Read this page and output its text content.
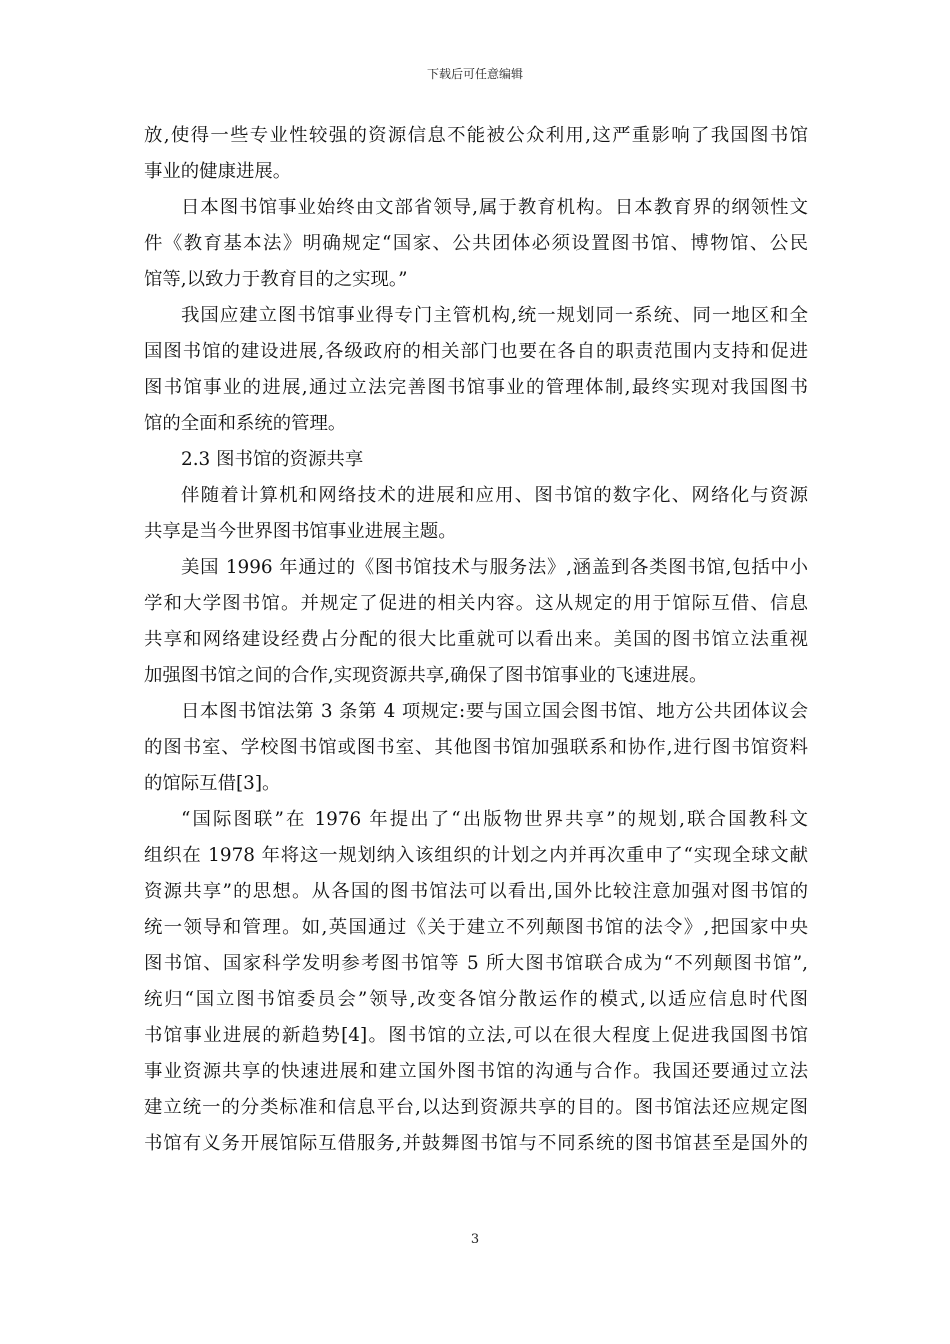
下载后可任意编辑
放,使得一些专业性较强的资源信息不能被公众利用,这严重影响了我国图书馆
事业的健康进展。
日本图书馆事业始终由文部省领导,属于教育机构。日本教育界的纲领性文
件《教育基本法》明确规定“国家、公共团体必须设置图书馆、博物馆、公民
馆等,以致力于教育目的之实现。”
我国应建立图书馆事业得专门主管机构,统一规划同一系统、同一地区和全
国图书馆的建设进展,各级政府的相关部门也要在各自的职责范围内支持和促进
图书馆事业的进展,通过立法完善图书馆事业的管理体制,最终实现对我国图书
馆的全面和系统的管理。
2.3 图书馆的资源共享
伴随着计算机和网络技术的进展和应用、图书馆的数字化、网络化与资源
共享是当今世界图书馆事业进展主题。
美国 1996 年通过的《图书馆技术与服务法》,涵盖到各类图书馆,包括中小
学和大学图书馆。并规定了促进的相关内容。这从规定的用于馆际互借、信息
共享和网络建设经费占分配的很大比重就可以看出来。美国的图书馆立法重视
加强图书馆之间的合作,实现资源共享,确保了图书馆事业的飞速进展。
日本图书馆法第 3 条第 4 项规定:要与国立国会图书馆、地方公共团体议会
的图书室、学校图书馆或图书室、其他图书馆加强联系和协作,进行图书馆资料
的馆际互借[3]。
“国际图联”在 1976 年提出了“出版物世界共享”的规划,联合国教科文
组织在 1978 年将这一规划纳入该组织的计划之内并再次重申了“实现全球文献
资源共享”的思想。从各国的图书馆法可以看出,国外比较注意加强对图书馆的
统一领导和管理。如,英国通过《关于建立不列颠图书馆的法令》,把国家中央
图书馆、国家科学发明参考图书馆等 5 所大图书馆联合成为“不列颠图书馆”,
统归“国立图书馆委员会”领导,改变各馆分散运作的模式,以适应信息时代图
书馆事业进展的新趋势[4]。图书馆的立法,可以在很大程度上促进我国图书馆
事业资源共享的快速进展和建立国外图书馆的沟通与合作。我国还要通过立法
建立统一的分类标准和信息平台,以达到资源共享的目的。图书馆法还应规定图
书馆有义务开展馆际互借服务,并鼓舞图书馆与不同系统的图书馆甚至是国外的
3
